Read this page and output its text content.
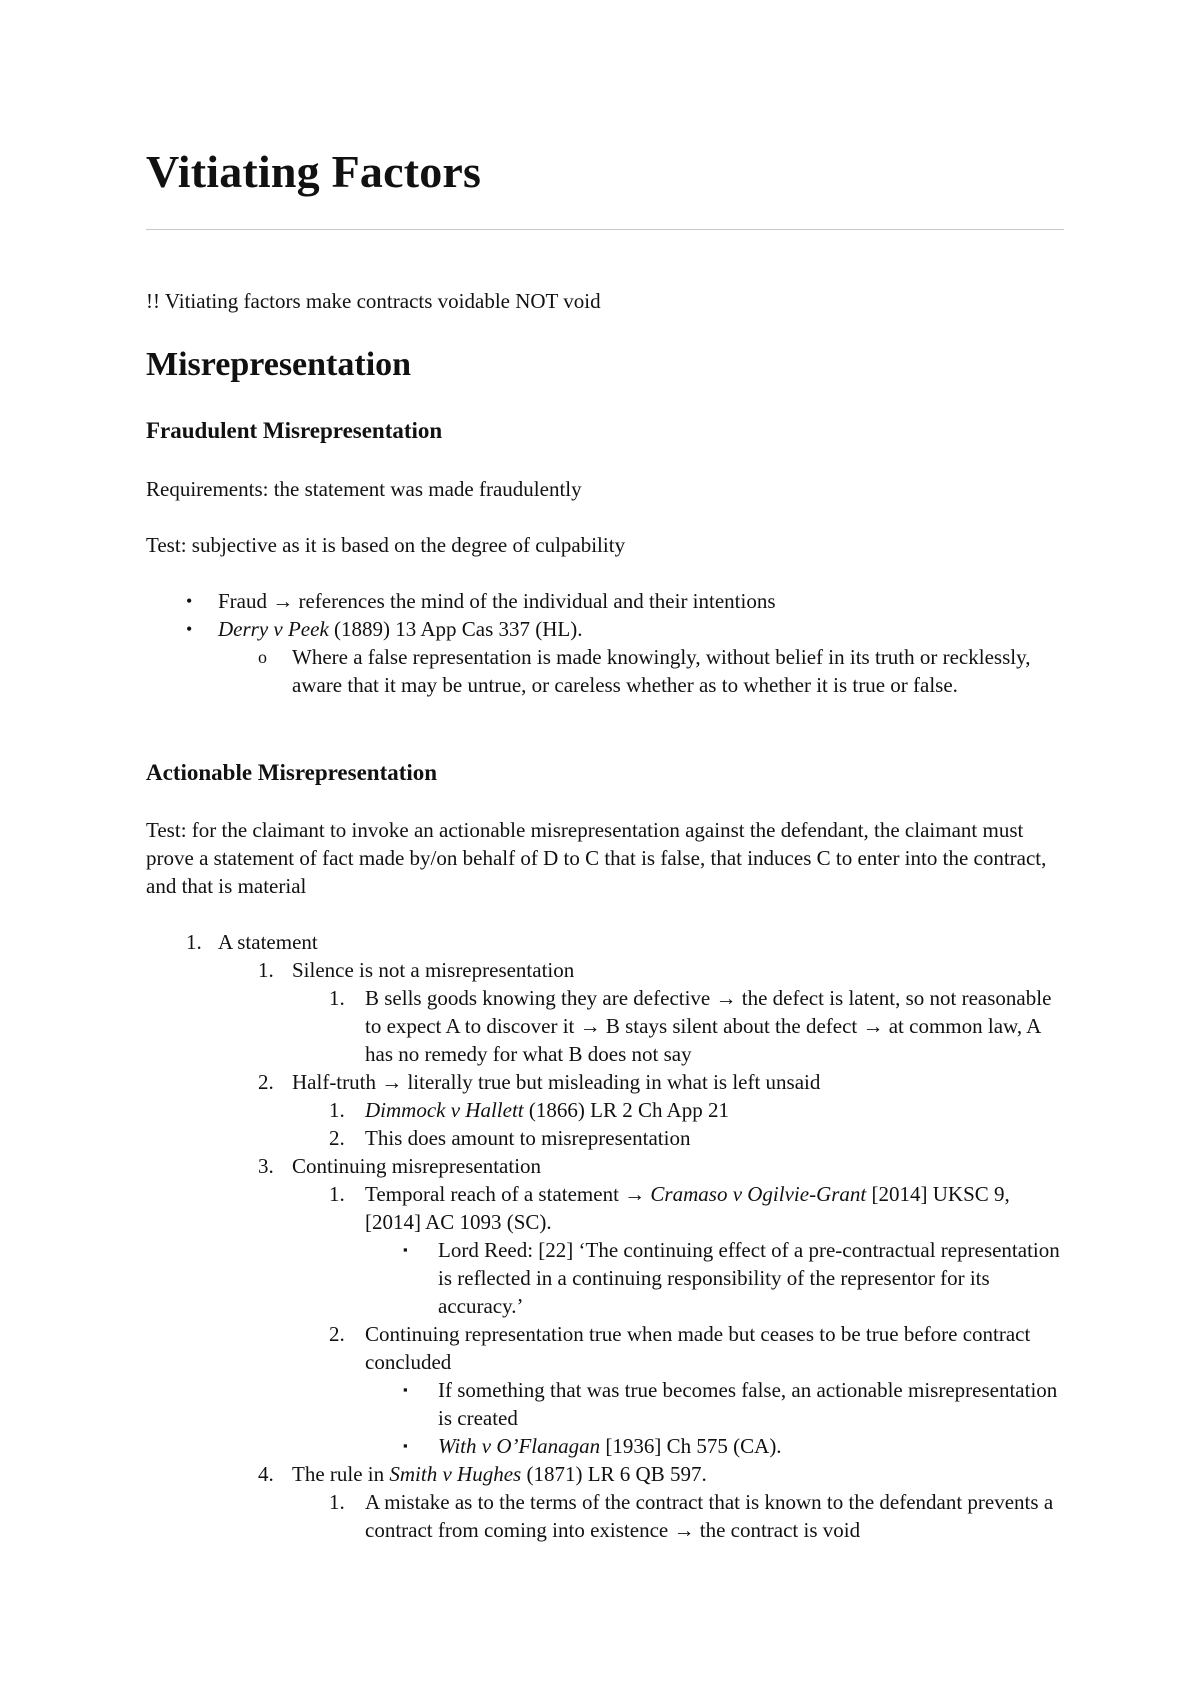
Vitiating Factors

!! Vitiating factors make contracts voidable NOT void

Misrepresentation
Fraudulent Misrepresentation

Requirements: the statement was made fraudulently

Test: subjective as it is based on the degree of culpability

• Fraud → references the mind of the individual and their intentions
• Derry v Peek (1889) 13 App Cas 337 (HL).
o Where a false representation is made knowingly, without belief in its truth or recklessly, aware that it may be untrue, or careless whether as to whether it is true or false.
Actionable Misrepresentation

Test: for the claimant to invoke an actionable misrepresentation against the defendant, the claimant must prove a statement of fact made by/on behalf of D to C that is false, that induces C to enter into the contract, and that is material

1. A statement
1. Silence is not a misrepresentation
1. B sells goods knowing they are defective → the defect is latent, so not reasonable to expect A to discover it → B stays silent about the defect → at common law, A has no remedy for what B does not say
2. Half-truth → literally true but misleading in what is left unsaid
1. Dimmock v Hallett (1866) LR 2 Ch App 21
2. This does amount to misrepresentation
3. Continuing misrepresentation
1. Temporal reach of a statement → Cramaso v Ogilvie-Grant [2014] UKSC 9, [2014] AC 1093 (SC).
▪ Lord Reed: [22] ‘The continuing effect of a pre-contractual representation is reflected in a continuing responsibility of the representor for its accuracy.’
2. Continuing representation true when made but ceases to be true before contract concluded
▪ If something that was true becomes false, an actionable misrepresentation is created
▪ With v O’Flanagan [1936] Ch 575 (CA).
4. The rule in Smith v Hughes (1871) LR 6 QB 597.
1. A mistake as to the terms of the contract that is known to the defendant prevents a contract from coming into existence → the contract is void
